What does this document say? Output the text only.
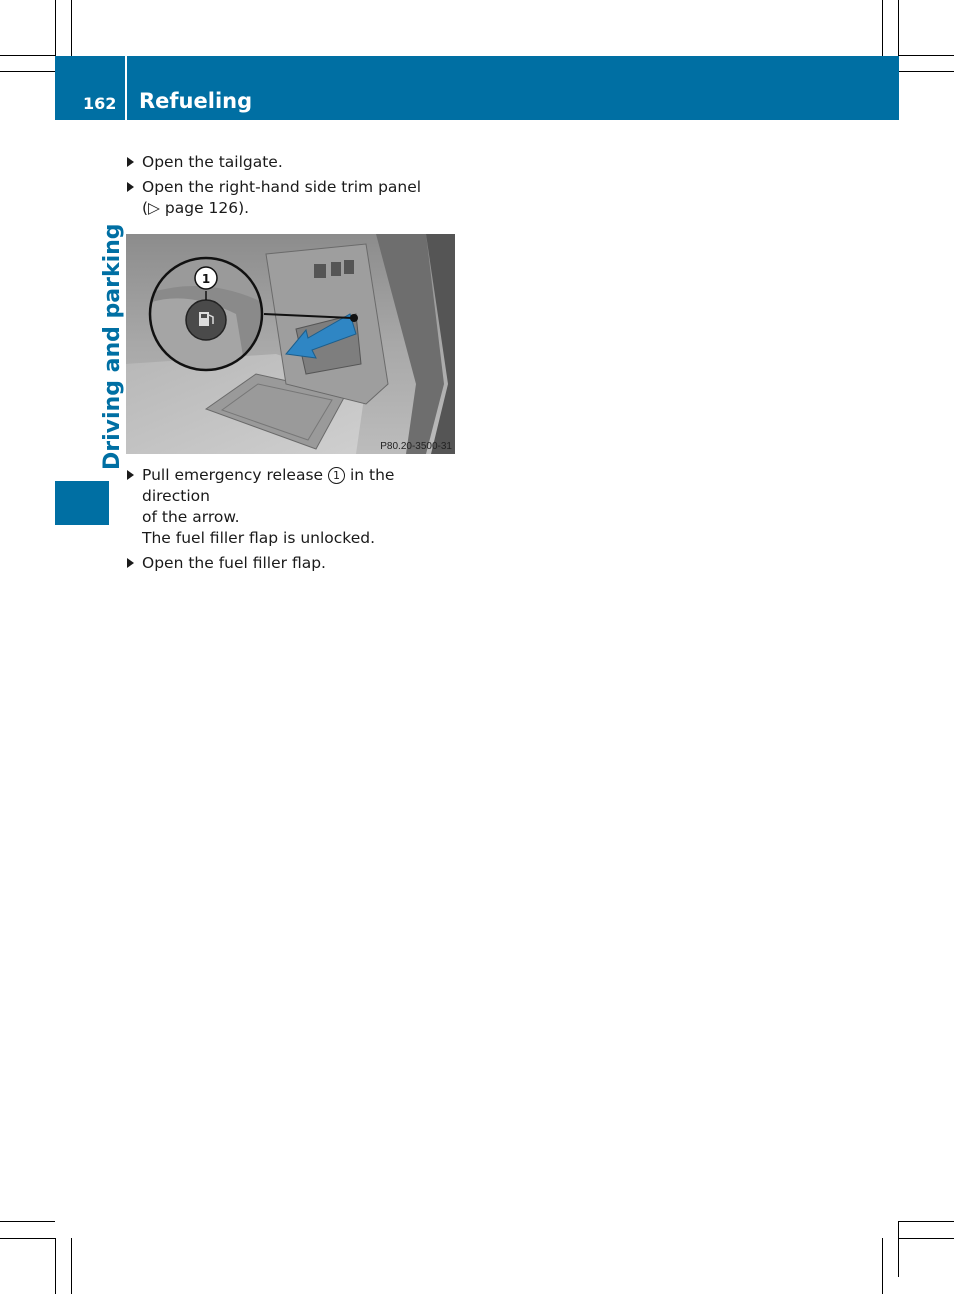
162 Refueling
Driving and parking
Open the tailgate.
Open the right-hand side trim panel
(▷ page 126).
1
P80.20-3500-31
Pull emergency release 1 in the direction
of the arrow.
The fuel filler flap is unlocked.
Open the fuel filler flap.
